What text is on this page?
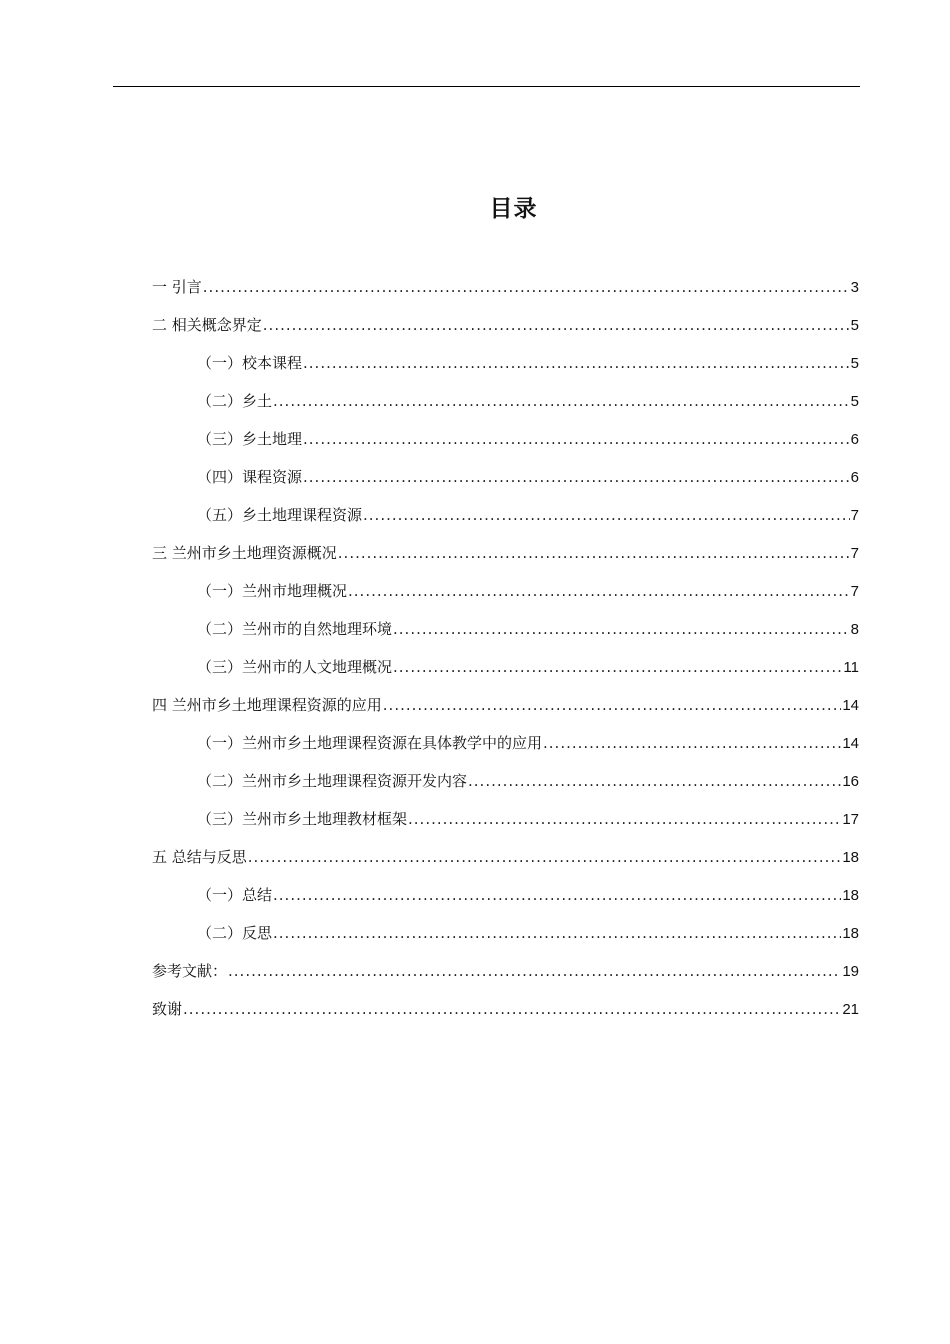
目录
一 引言 .....	3
二 相关概念界定 .....	5
（一）校本课程 .....	5
（二）乡土 .....	5
（三）乡土地理 .....	6
（四）课程资源 .....	6
（五）乡土地理课程资源 .....	7
三 兰州市乡土地理资源概况 .....	7
（一）兰州市地理概况 .....	7
（二）兰州市的自然地理环境 .....	8
（三）兰州市的人文地理概况 .....	11
四 兰州市乡土地理课程资源的应用 .....	14
（一）兰州市乡土地理课程资源在具体教学中的应用 .....	14
（二）兰州市乡土地理课程资源开发内容 .....	16
（三）兰州市乡土地理教材框架 .....	17
五 总结与反思 .....	18
（一）总结 .....	18
（二）反思 .....	18
参考文献： .....	19
致谢 .....	21
